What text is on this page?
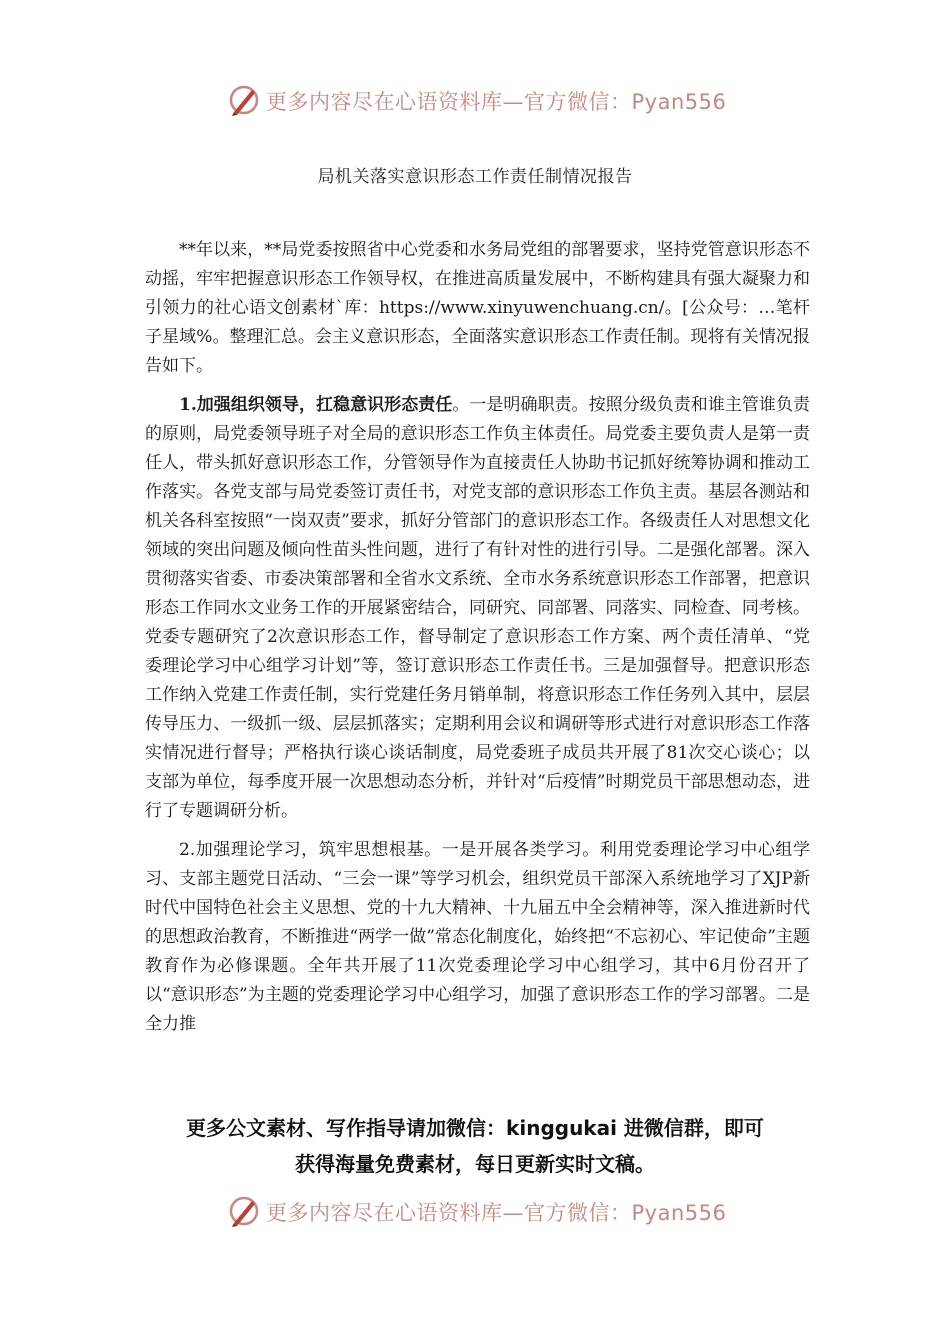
更多内容尽在心语资料库—官方微信：Pyan556
局机关落实意识形态工作责任制情况报告

**年以来，**局党委按照省中心党委和水务局党组的部署要求，坚持党管意识形态不动摇，牢牢把握意识形态工作领导权，在推进高质量发展中，不断构建具有强大凝聚力和引领力的社心语文创素材`库：https://www.xinyuwenchuang.cn/。[公众号：…笔杆子星域%。整理汇总。会主义意识形态，全面落实意识形态工作责任制。现将有关情况报告如下。

1.加强组织领导，扛稳意识形态责任。一是明确职责。按照分级负责和谁主管谁负责的原则，局党委领导班子对全局的意识形态工作负主体责任。局党委主要负责人是第一责任人，带头抓好意识形态工作，分管领导作为直接责任人协助书记抓好统筹协调和推动工作落实。各党支部与局党委签订责任书，对党支部的意识形态工作负主责。基层各测站和机关各科室按照“一岗双责”要求，抓好分管部门的意识形态工作。各级责任人对思想文化领域的突出问题及倾向性苗头性问题，进行了有针对性的进行引导。二是强化部署。深入贯彻落实省委、市委决策部署和全省水文系统、全市水务系统意识形态工作部署，把意识形态工作同水文业务工作的开展紧密结合，同研究、同部署、同落实、同检查、同考核。党委专题研究了2次意识形态工作，督导制定了意识形态工作方案、两个责任清单、“党委理论学习中心组学习计划”等，签订意识形态工作责任书。三是加强督导。把意识形态工作纳入党建工作责任制，实行党建任务月销单制，将意识形态工作任务列入其中，层层传导压力、一级抓一级、层层抓落实；定期利用会议和调研等形式进行对意识形态工作落实情况进行督导；严格执行谈心谈话制度，局党委班子成员共开展了81次交心谈心；以支部为单位，每季度开展一次思想动态分析，并针对“后疫情”时期党员干部思想动态，进行了专题调研分析。

2.加强理论学习，筑牢思想根基。一是开展各类学习。利用党委理论学习中心组学习、支部主题党日活动、“三会一课”等学习机会，组织党员干部深入系统地学习了XJP新时代中国特色社会主义思想、党的十九大精神、十九届五中全会精神等，深入推进新时代的思想政治教育，不断推进“两学一做”常态化制度化，始终把“不忘初心、牢记使命”主题教育作为必修课题。全年共开展了11次党委理论学习中心组学习，其中6月份召开了以“意识形态”为主题的党委理论学习中心组学习，加强了意识形态工作的学习部署。二是全力推

更多公文素材、写作指导请加微信：kinggukai 进微信群，即可
获得海量免费素材，每日更新实时文稿。
更多内容尽在心语资料库—官方微信：Pyan556
